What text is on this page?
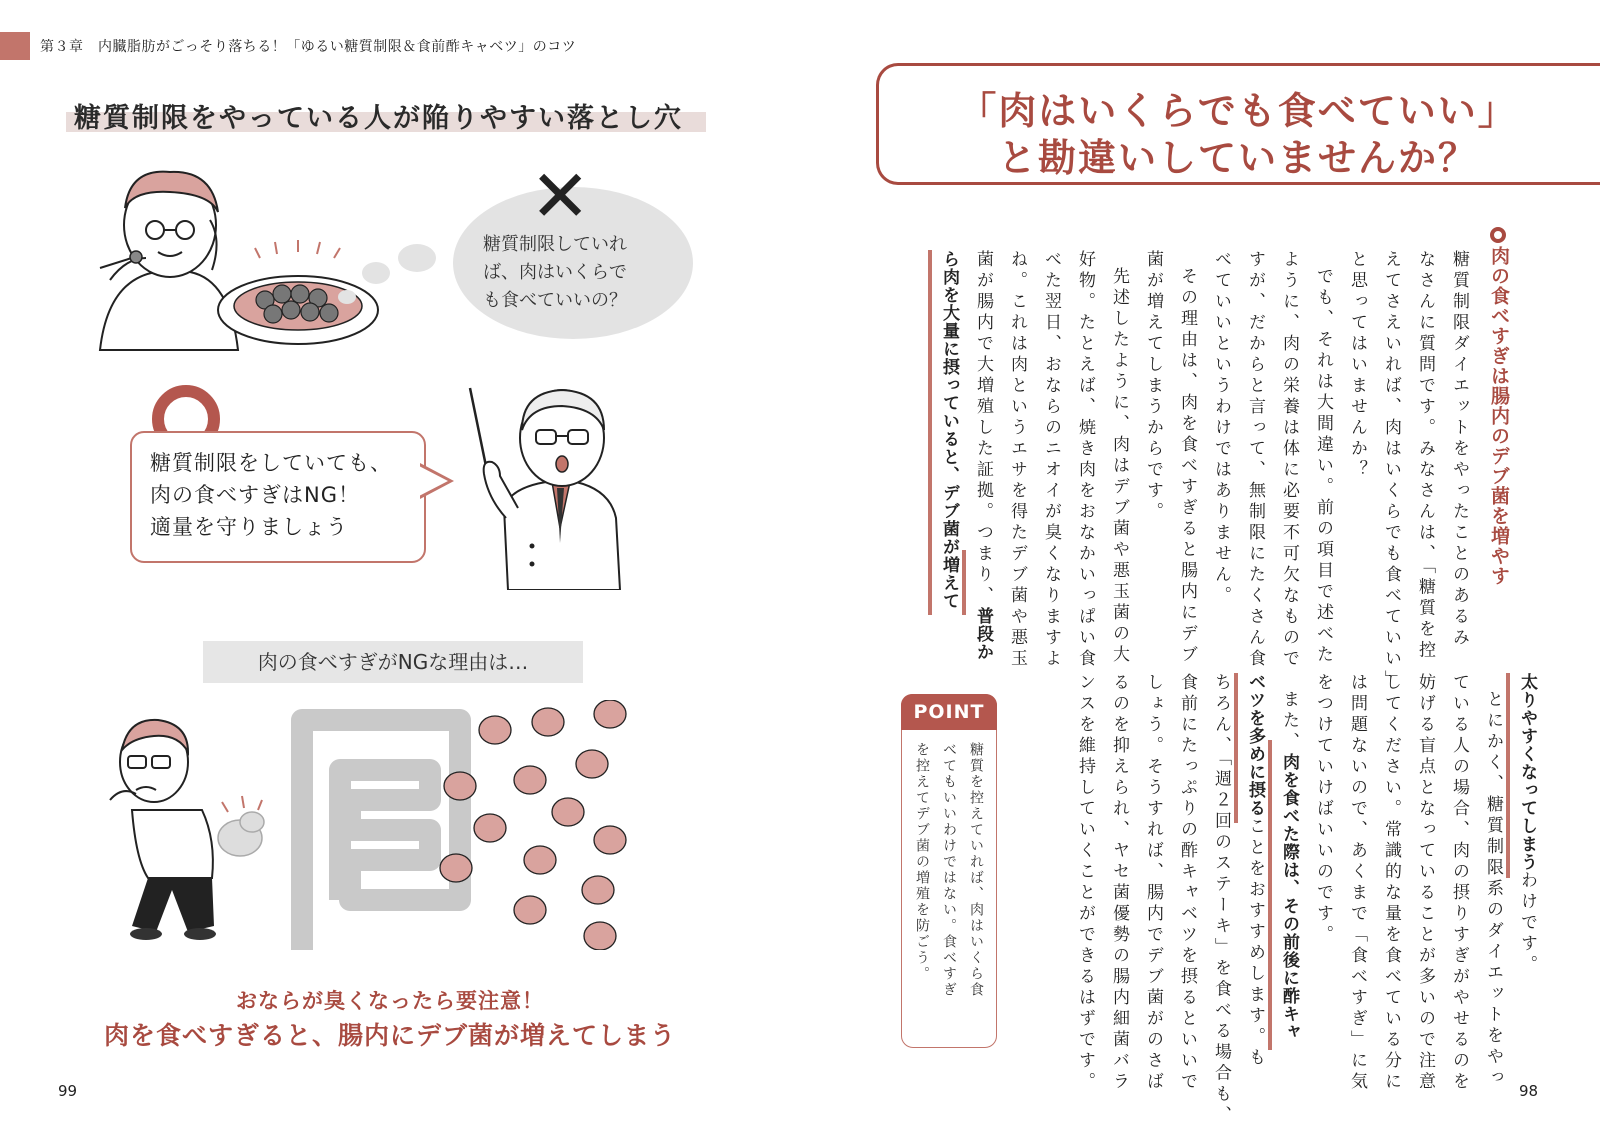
第３章　内臓脂肪がごっそり落ちる！「ゆるい糖質制限＆食前酢キャベツ」のコツ
糖質制限をやっている人が陥りやすい落とし穴
✕
糖質制限していれ
ば、肉はいくらで
も食べていいの？
糖質制限をしていても、
肉の食べすぎはNG！
適量を守りましょう
肉の食べすぎがNGな理由は…
おならが臭くなったら要注意！
肉を食べすぎると、腸内にデブ菌が増えてしまう
99
「肉はいくらでも食べていい」
と勘違いしていませんか？
肉の食べすぎは腸内のデブ菌を増やす
糖質制限ダイエットをやったことのあるみ
なさんに質問です。みなさんは、「糖質を控
えてさえいれば、肉はいくらでも食べていい」
と思ってはいませんか？
でも、それは大間違い。前の項目で述べた
ように、肉の栄養は体に必要不可欠なもので
すが、だからと言って、無制限にたくさん食
べていいというわけではありません。
その理由は、肉を食べすぎると腸内にデブ
菌が増えてしまうからです。
先述したように、肉はデブ菌や悪玉菌の大
好物。たとえば、焼き肉をおなかいっぱい食
べた翌日、おならのニオイが臭くなりますよ
ね。これは肉というエサを得たデブ菌や悪玉
菌が腸内で大増殖した証拠。つまり、普段か
ら肉を大量に摂っていると、デブ菌が増えて
太りやすくなってしまうわけです。
とにかく、糖質制限系のダイエットをやっ
ている人の場合、肉の摂りすぎがやせるのを
妨げる盲点となっていることが多いので注意
してください。常識的な量を食べている分に
は問題ないので、あくまで「食べすぎ」に気
をつけていけばいいのです。
また、肉を食べた際は、その前後に酢キャ
ベツを多めに摂ることをおすすめします。も
ちろん、「週２回のステーキ」を食べる場合も、
食前にたっぷりの酢キャベツを摂るといいで
しょう。そうすれば、腸内でデブ菌がのさば
るのを抑えられ、ヤセ菌優勢の腸内細菌バラ
ンスを維持していくことができるはずです。
POINT
糖質を控えていれば、肉はいくら食
べてもいいわけではない。食べすぎ
を控えてデブ菌の増殖を防ごう。
98
